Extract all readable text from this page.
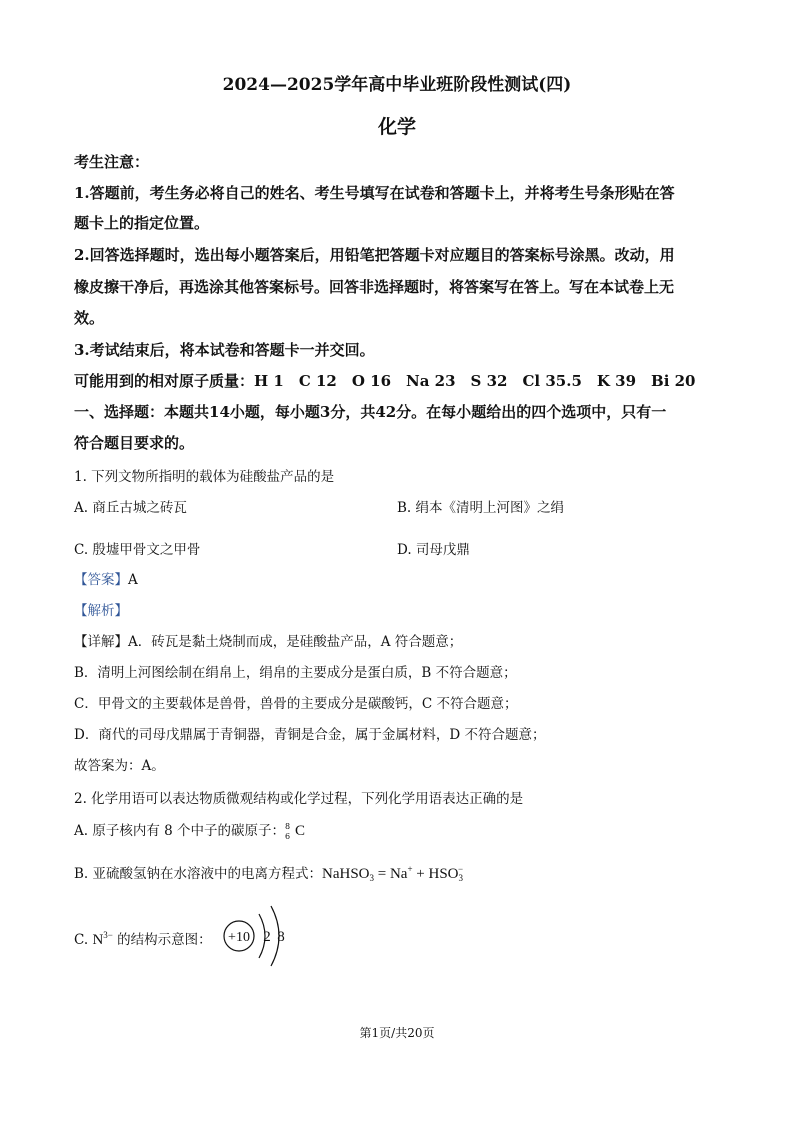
2024—2025学年高中毕业班阶段性测试(四)
化学
考生注意：
1.答题前，考生务必将自己的姓名、考生号填写在试卷和答题卡上，并将考生号条形贴在答
题卡上的指定位置。
2.回答选择题时，选出每小题答案后，用铅笔把答题卡对应题目的答案标号涂黑。改动，用
橡皮擦干净后，再选涂其他答案标号。回答非选择题时，将答案写在答上。写在本试卷上无
效。
3.考试结束后，将本试卷和答题卡一并交回。
可能用到的相对原子质量：H 1　C 12　O 16　Na 23　S 32　Cl 35.5　K 39　Bi 20
一、选择题：本题共14小题，每小题3分，共42分。在每小题给出的四个选项中，只有一
符合题目要求的。
1. 下列文物所指明的载体为硅酸盐产品的是
A. 商丘古城之砖瓦	B. 绢本《清明上河图》之绢
C. 殷墟甲骨文之甲骨	D. 司母戊鼎
【答案】A
【解析】
【详解】A．砖瓦是黏土烧制而成，是硅酸盐产品，A 符合题意；
B．清明上河图绘制在绢帛上，绢帛的主要成分是蛋白质，B 不符合题意；
C．甲骨文的主要载体是兽骨，兽骨的主要成分是碳酸钙，C 不符合题意；
D．商代的司母戊鼎属于青铜器，青铜是合金，属于金属材料，D 不符合题意；
故答案为：A。
2. 化学用语可以表达物质微观结构或化学过程，下列化学用语表达正确的是
A. 原子核内有 8 个中子的碳原子： 8
6 C
B. 亚硫酸氢钠在水溶液中的电离方程式：NaHSO$_3$ = $Na^+ + HSO_3^-$
C. $N^{3-}$ 的结构示意图： +10 2 8
第1页/共20页
